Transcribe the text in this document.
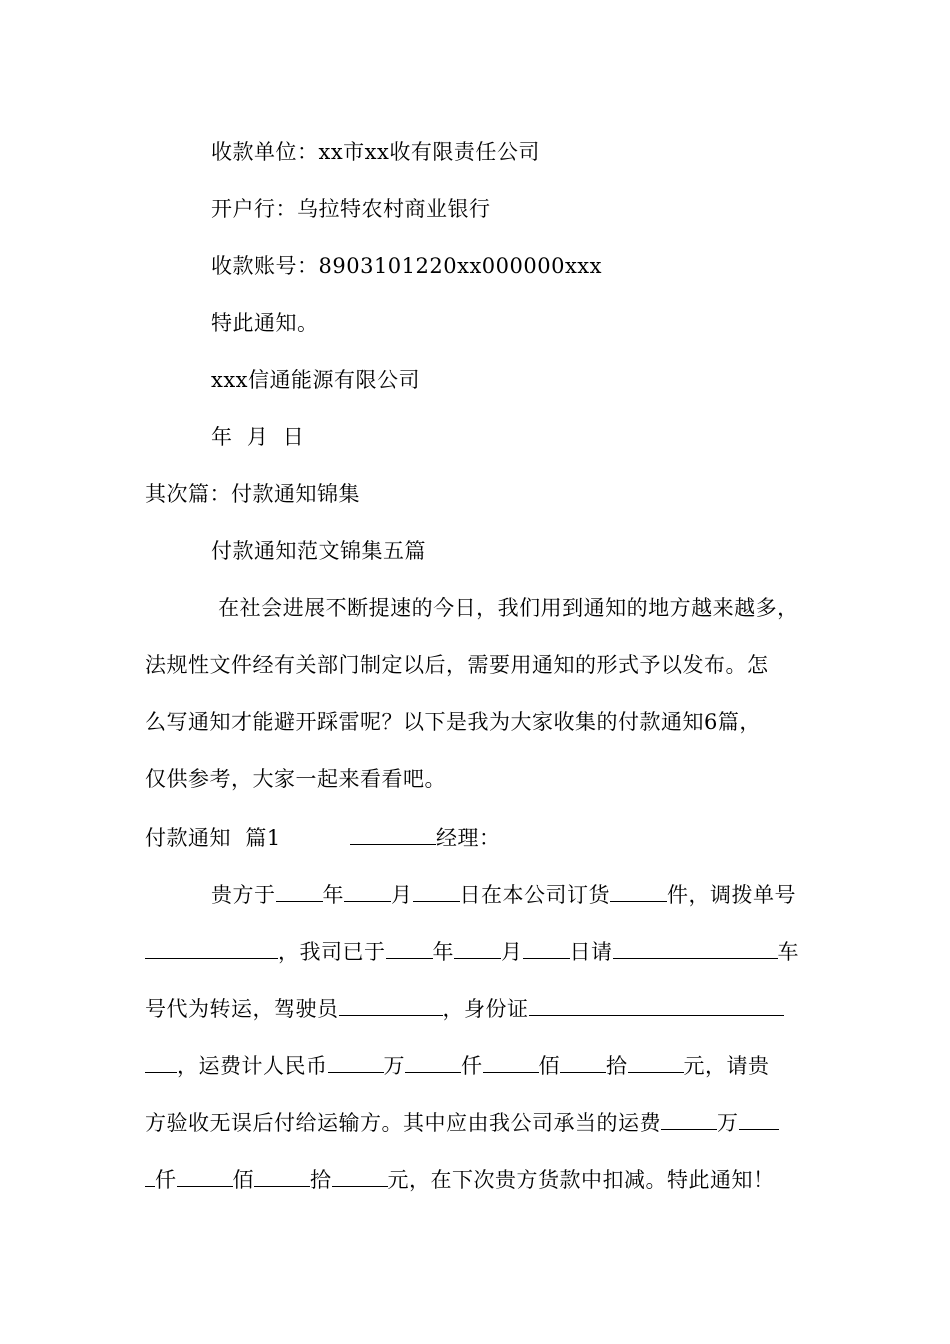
收款单位：xx市xx收有限责任公司
开户行：乌拉特农村商业银行
收款账号：8903101220xx000000xxx
特此通知。
xxx信通能源有限公司
年  月  日
其次篇：付款通知锦集
付款通知范文锦集五篇
在社会进展不断提速的今日，我们用到通知的地方越来越多，
法规性文件经有关部门制定以后，需要用通知的形式予以发布。怎
么写通知才能避开踩雷呢？以下是我为大家收集的付款通知6篇，
仅供参考，大家一起来看看吧。
付款通知  篇1	经理：
贵方于 年 月 日在本公司订货	件，调拨单号
，我司已于 年 月 日请	车
号代为转运，驾驶员	，身份证
，运费计人民币	万	仟	佰 拾	元，请贵
方验收无误后付给运输方。其中应由我公司承当的运费	万
仟	佰	拾	元，在下次贵方货款中扣减。特此通知！
